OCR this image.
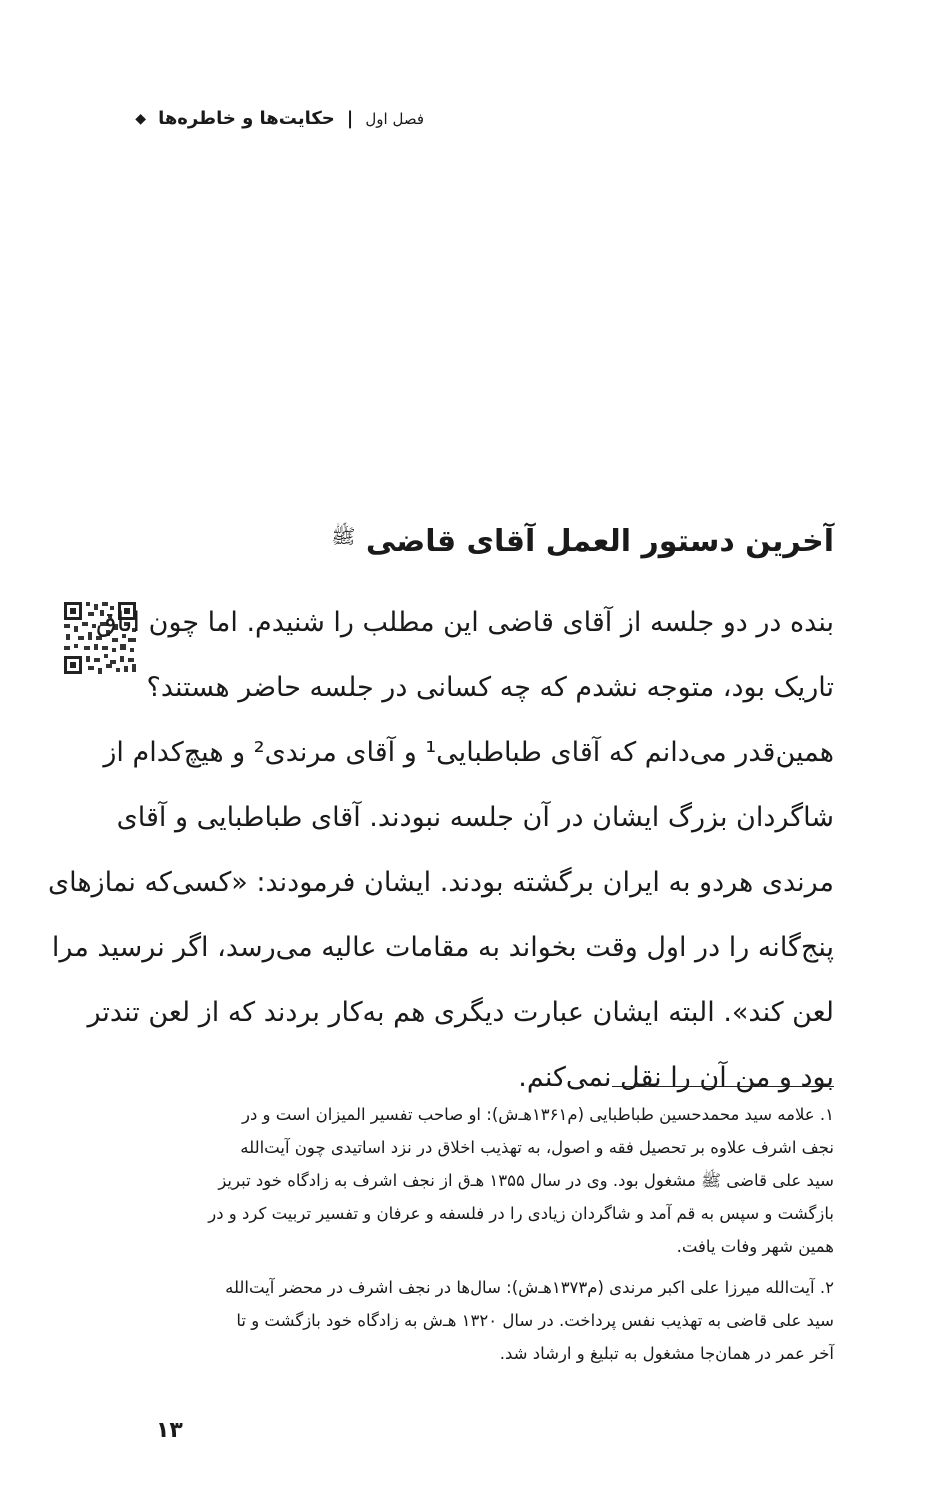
فصل اول
|
حکایت‌ها و خاطره‌ها
◆
آخرین دستور العمل آقای قاضی $^ﷺ$
بنده در دو جلسه از آقای قاضی این مطلب را شنیدم. اما چون اتاق
تاریک بود، متوجه نشدم که چه کسانی در جلسه حاضر هستند؟
همین‌قدر می‌دانم که آقای طباطبایی¹ و آقای مرندی² و هیچ‌کدام از
شاگردان بزرگ ایشان در آن جلسه نبودند. آقای طباطبایی و آقای
مرندی هردو به ایران برگشته بودند. ایشان فرمودند: «کسی‌که نمازهای
پنج‌گانه را در اول وقت بخواند به مقامات عالیه می‌رسد، اگر نرسید مرا
لعن کند». البته ایشان عبارت دیگری هم به‌کار بردند که از لعن تندتر
بود و من آن را نقل نمی‌کنم.
۱. علامه سید محمدحسین طباطبایی (م۱۳۶۱هـ‌ش): او صاحب تفسیر المیزان است و در
نجف اشرف علاوه بر تحصیل فقه و اصول، به تهذیب اخلاق در نزد اساتیدی چون آیت‌الله
سید علی قاضی ﷺ مشغول بود. وی در سال ۱۳۵۵ هـ‌ق از نجف اشرف به زادگاه خود تبریز
بازگشت و سپس به قم آمد و شاگردان زیادی را در فلسفه و عرفان و تفسیر تربیت کرد و در
همین شهر وفات یافت.
۲. آیت‌الله میرزا علی اکبر مرندی (م۱۳۷۳هـ‌ش): سال‌ها در نجف اشرف در محضر آیت‌الله
سید علی قاضی به تهذیب نفس پرداخت. در سال ۱۳۲۰ هـ‌ش به زادگاه خود بازگشت و تا
آخر عمر در همان‌جا مشغول به تبلیغ و ارشاد شد.
۱۳
